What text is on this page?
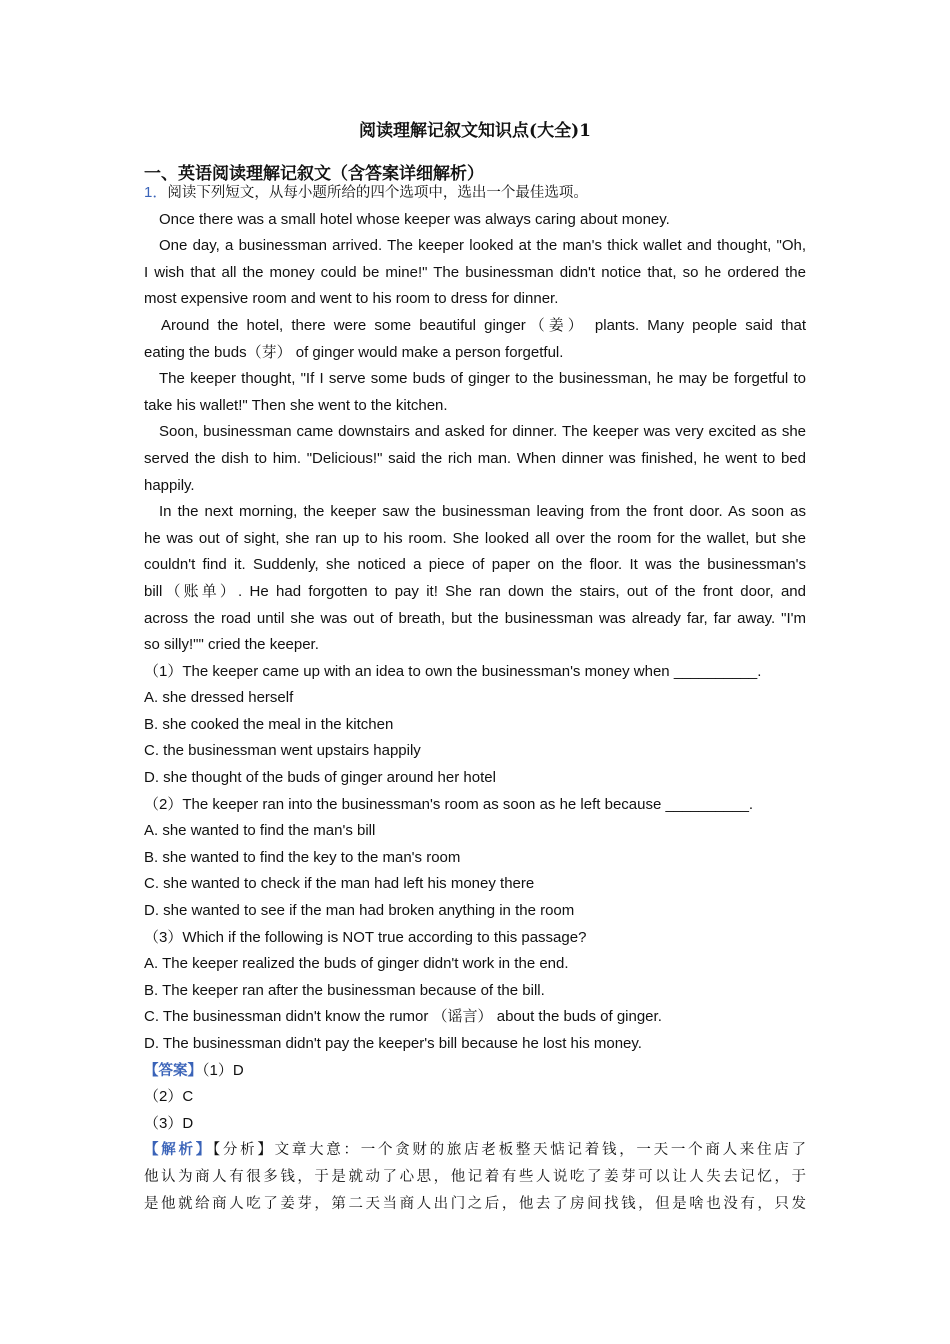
阅读理解记叙文知识点(大全)1
一、英语阅读理解记叙文（含答案详细解析）
1．阅读下列短文，从每小题所给的四个选项中，选出一个最佳选项。
Once there was a small hotel whose keeper was always caring about money.
One day, a businessman arrived. The keeper looked at the man's thick wallet and thought, "Oh,
I wish that all the money could be mine!" The businessman didn't notice that, so he ordered the
most expensive room and went to his room to dress for dinner.
Around the hotel, there were some beautiful ginger（姜） plants. Many people said that
eating the buds（芽） of ginger would make a person forgetful.
The keeper thought, "If I serve some buds of ginger to the businessman, he may be forgetful to
take his wallet!" Then she went to the kitchen.
Soon, businessman came downstairs and asked for dinner. The keeper was very excited as she
served the dish to him. "Delicious!" said the rich man. When dinner was finished, he went to bed
happily.
In the next morning, the keeper saw the businessman leaving from the front door. As soon as
he was out of sight, she ran up to his room. She looked all over the room for the wallet, but she
couldn't find it. Suddenly, she noticed a piece of paper on the floor. It was the businessman's
bill（账单）. He had forgotten to pay it! She ran down the stairs, out of the front door, and
across the road until she was out of breath, but the businessman was already far, far away. "I'm
so silly!"" cried the keeper.
（1）The keeper came up with an idea to own the businessman's money when __________.
A. she dressed herself
B. she cooked the meal in the kitchen
C. the businessman went upstairs happily
D. she thought of the buds of ginger around her hotel
（2）The keeper ran into the businessman's room as soon as he left because __________.
A. she wanted to find the man's bill
B. she wanted to find the key to the man's room
C. she wanted to check if the man had left his money there
D. she wanted to see if the man had broken anything in the room
（3）Which if the following is NOT true according to this passage?
A. The keeper realized the buds of ginger didn't work in the end.
B. The keeper ran after the businessman because of the bill.
C. The businessman didn't know the rumor （谣言） about the buds of ginger.
D. The businessman didn't pay the keeper's bill because he lost his money.
【答案】（1）D
（2）C
（3）D
【解析】【分析】文章大意：一个贪财的旅店老板整天惦记着钱，一天一个商人来住店了
他认为商人有很多钱，于是就动了心思，他记着有些人说吃了姜芽可以让人失去记忆，于
是他就给商人吃了姜芽，第二天当商人出门之后，他去了房间找钱，但是啥也没有，只发
